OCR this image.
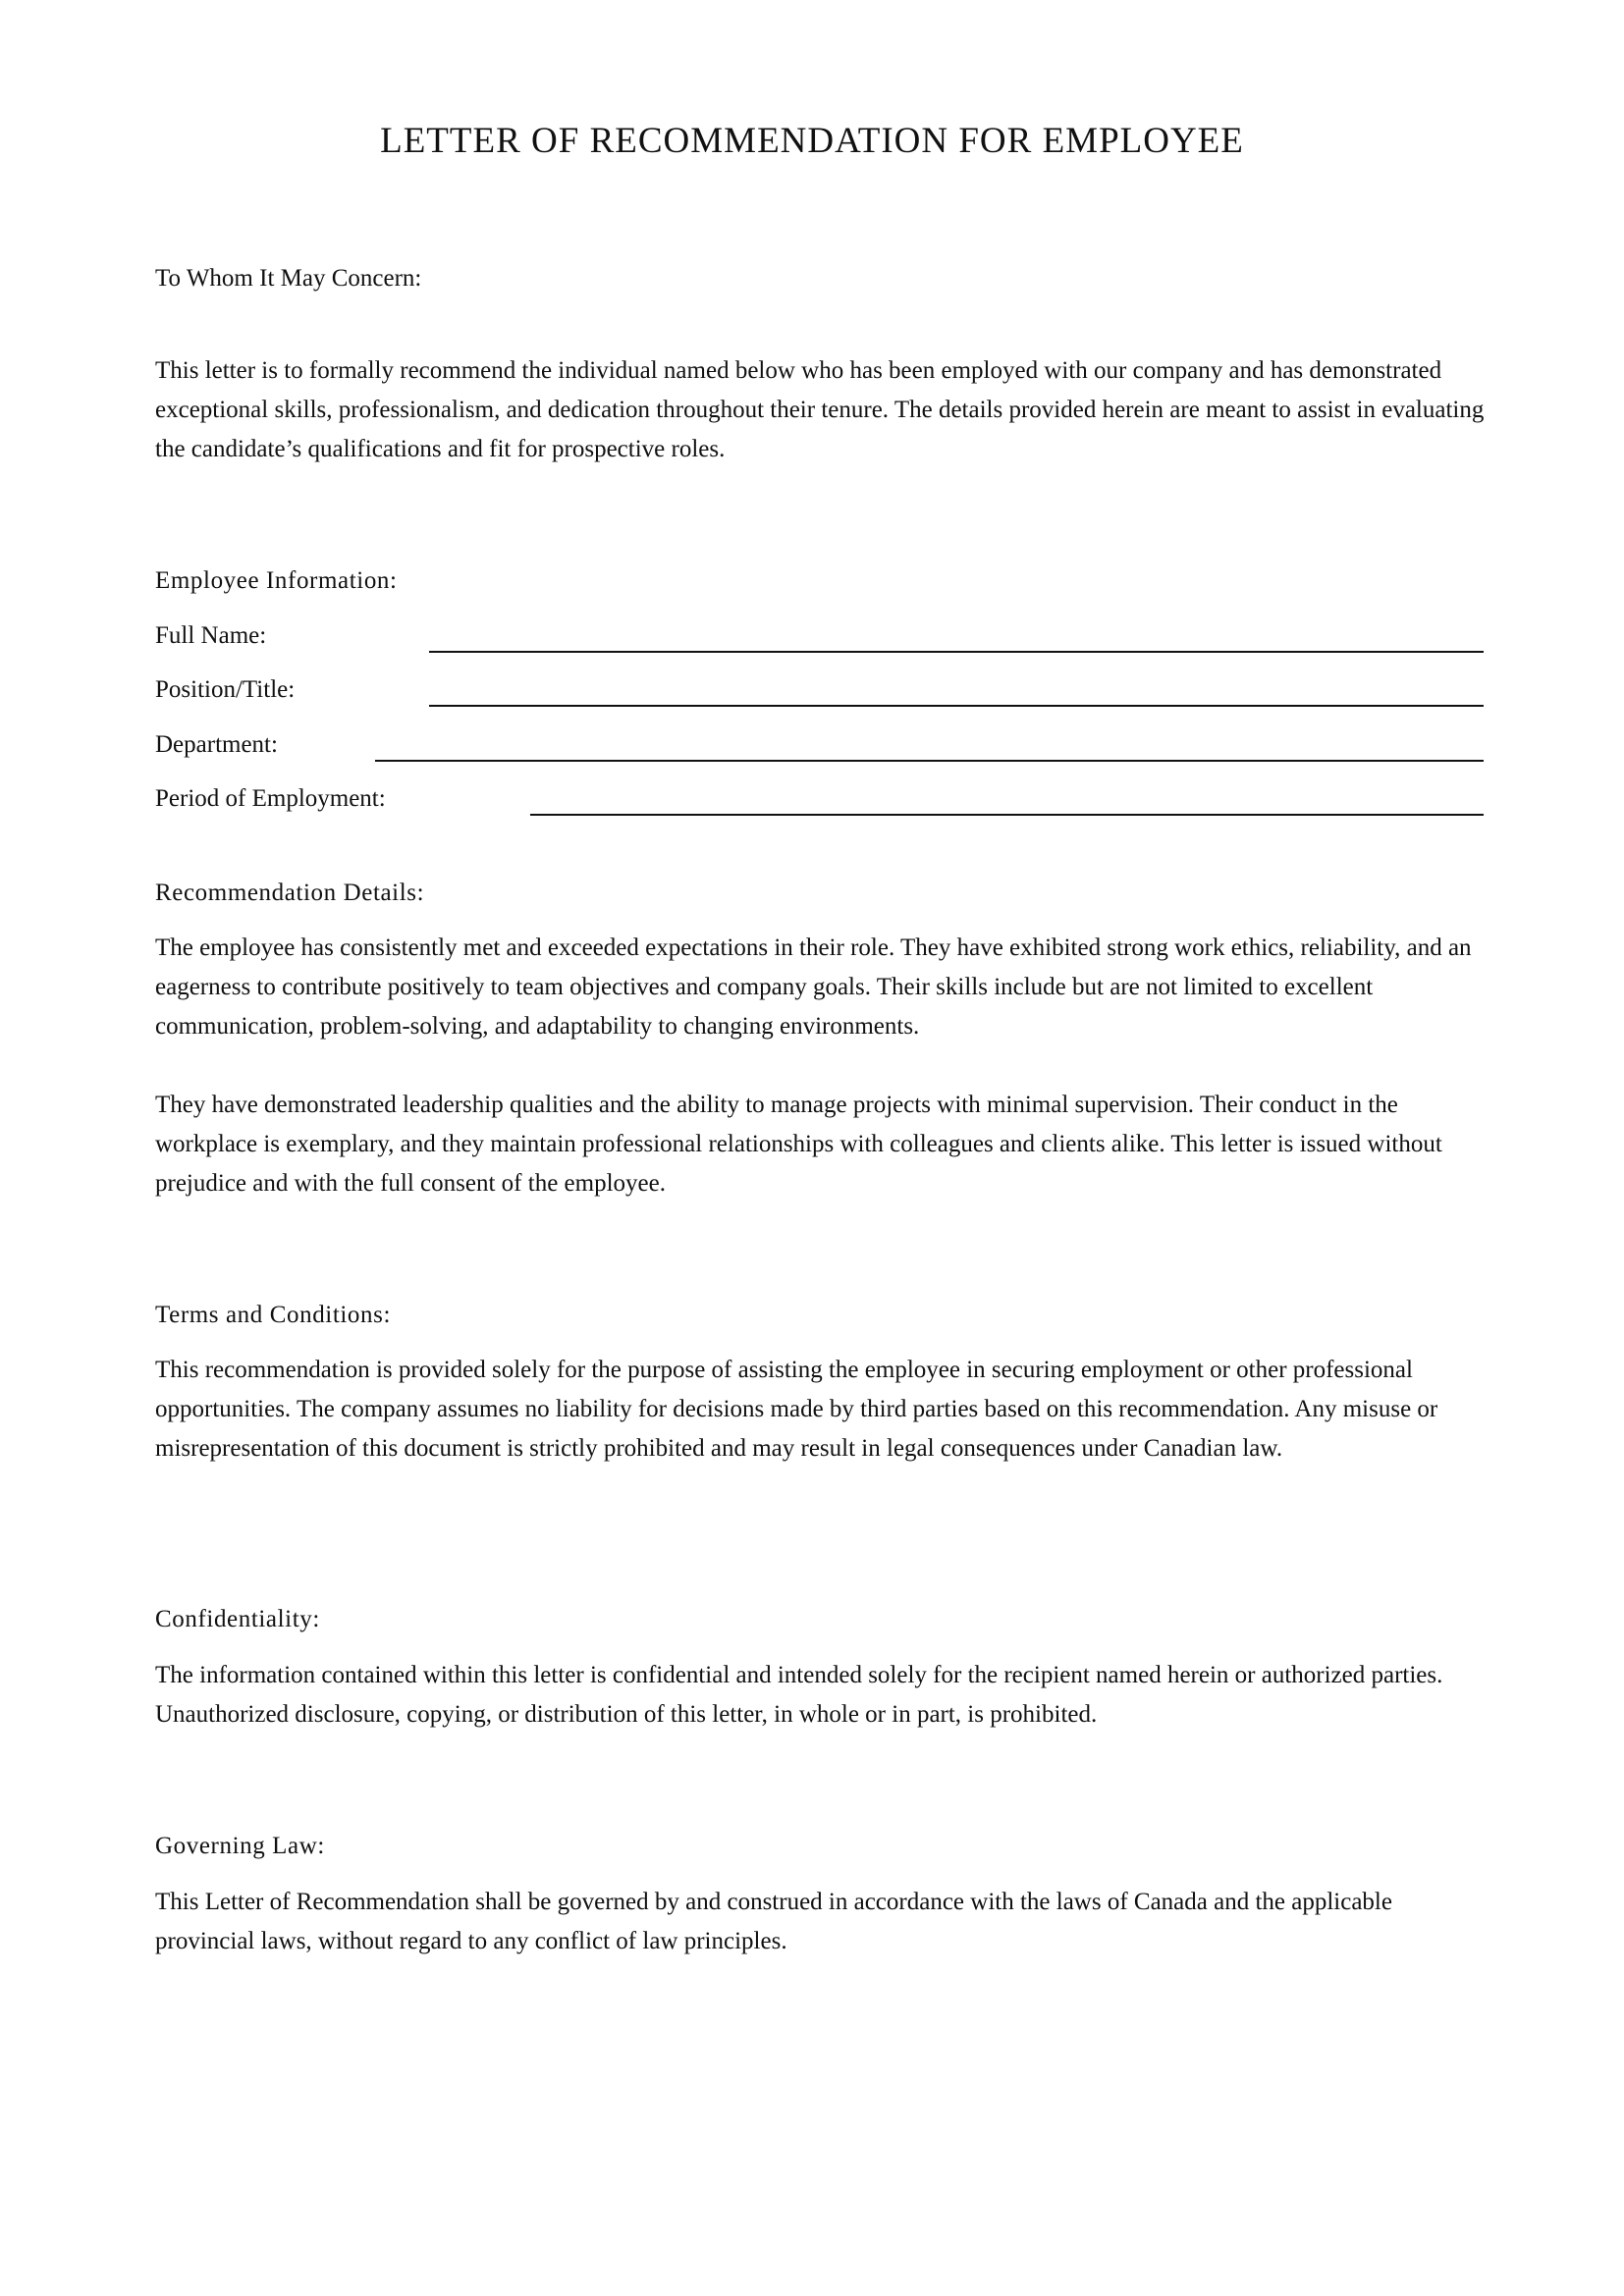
LETTER OF RECOMMENDATION FOR EMPLOYEE

To Whom It May Concern:

This letter is to formally recommend the individual named below who has been employed with our company and has demonstrated exceptional skills, professionalism, and dedication throughout their tenure. The details provided herein are meant to assist in evaluating the candidate’s qualifications and fit for prospective roles.

Employee Information:
Full Name:
Position/Title:
Department:
Period of Employment:
Recommendation Details:

The employee has consistently met and exceeded expectations in their role. They have exhibited strong work ethics, reliability, and an eagerness to contribute positively to team objectives and company goals. Their skills include but are not limited to excellent communication, problem-solving, and adaptability to changing environments.

They have demonstrated leadership qualities and the ability to manage projects with minimal supervision. Their conduct in the workplace is exemplary, and they maintain professional relationships with colleagues and clients alike. This letter is issued without prejudice and with the full consent of the employee.

Terms and Conditions:

This recommendation is provided solely for the purpose of assisting the employee in securing employment or other professional opportunities. The company assumes no liability for decisions made by third parties based on this recommendation. Any misuse or misrepresentation of this document is strictly prohibited and may result in legal consequences under Canadian law.

Confidentiality:

The information contained within this letter is confidential and intended solely for the recipient named herein or authorized parties. Unauthorized disclosure, copying, or distribution of this letter, in whole or in part, is prohibited.

Governing Law:

This Letter of Recommendation shall be governed by and construed in accordance with the laws of Canada and the applicable provincial laws, without regard to any conflict of law principles.
